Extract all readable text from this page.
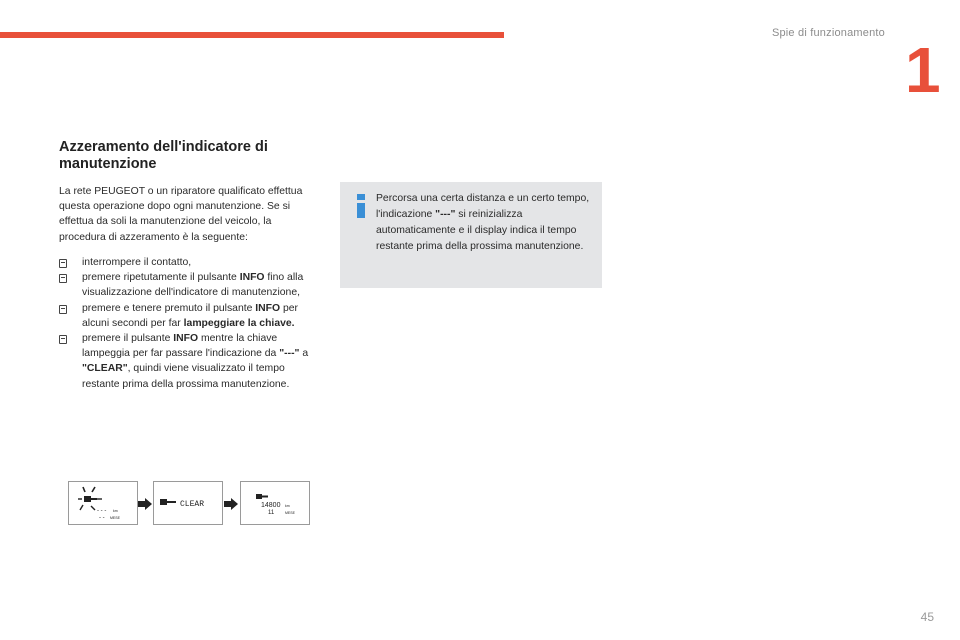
Spie di funzionamento
1
Azzeramento dell'indicatore di manutenzione
La rete PEUGEOT o un riparatore qualificato effettua questa operazione dopo ogni manutenzione. Se si effettua da soli la manutenzione del veicolo, la procedura di azzeramento è la seguente:
interrompere il contatto,
premere ripetutamente il pulsante INFO fino alla visualizzazione dell'indicatore di manutenzione,
premere e tenere premuto il pulsante INFO per alcuni secondi per far lampeggiare la chiave.
premere il pulsante INFO mentre la chiave lampeggia per far passare l'indicazione da "---" a "CLEAR", quindi viene visualizzato il tempo restante prima della prossima manutenzione.
Percorsa una certa distanza e un certo tempo, l'indicazione "---" si reinizializza automaticamente e il display indica il tempo restante prima della prossima manutenzione.
- - - km
- - MESE
CLEAR	14800 km
11	MESE
45
